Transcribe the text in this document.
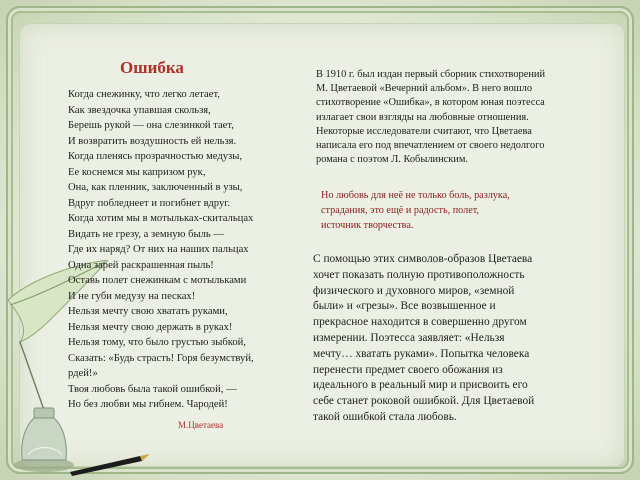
Ошибка
Когда снежинку, что легко летает,
Как звездочка упавшая скользя,
Берешь рукой — она слезинкой тает,
И возвратить воздушность ей нельзя.
Когда пленясь прозрачностью медузы,
Ее коснемся мы капризом рук,
Она, как пленник, заключенный в узы,
Вдруг побледнеет и погибнет вдруг.
Когда хотим мы в мотыльках-скитальцах
Видать не грезу, а земную быль —
Где их наряд? От них на наших пальцах
Одна зарей раскрашенная пыль!
Оставь полет снежинкам с мотыльками
И не губи медузу на песках!
Нельзя мечту свою хватать руками,
Нельзя мечту свою держать в руках!
Нельзя тому, что было грустью зыбкой,
Сказать: «Будь страсть! Горя безумствуй,
рдей!»
Твоя любовь была такой ошибкой, —
Но без любви мы гибнем. Чародей!
М.Цветаева
В 1910 г. был издан первый сборник стихотворений
М. Цветаевой «Вечерний альбом». В него вошло
стихотворение «Ошибка», в котором юная поэтесса
излагает свои взгляды на любовные отношения.
Некоторые исследователи считают, что Цветаева
написала его под впечатлением от своего недолгого
романа с поэтом Л. Кобылинским.
Но любовь для неё не только боль, разлука,
страдания, это ещё и радость, полет,
источник творчества.
С помощью этих символов-образов Цветаева
хочет показать полную противоположность
физического и духовного миров, «земной
были» и «грезы». Все возвышенное и
прекрасное находится в совершенно другом
измерении. Поэтесса заявляет: «Нельзя
мечту… хватать руками». Попытка человека
перенести предмет своего обожания из
идеального в реальный мир и присвоить его
себе станет роковой ошибкой. Для Цветаевой
такой ошибкой стала любовь.
